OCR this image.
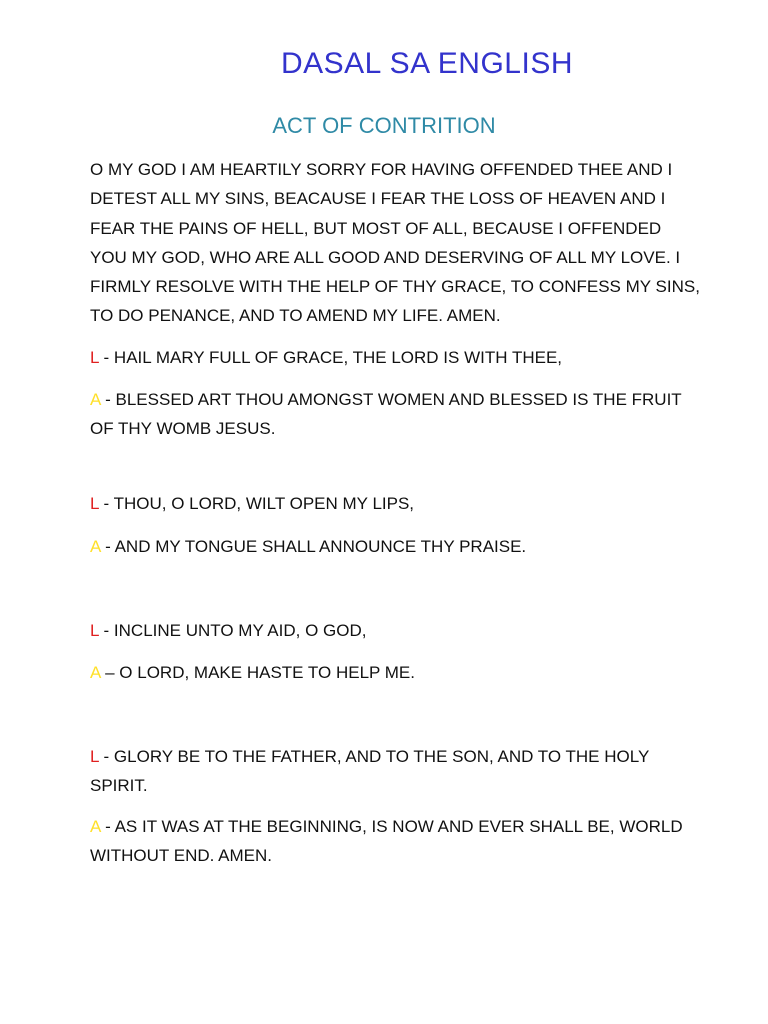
DASAL SA ENGLISH
ACT OF CONTRITION
O MY GOD I AM HEARTILY SORRY FOR HAVING OFFENDED THEE AND I
DETEST ALL MY SINS, BEACAUSE I FEAR THE LOSS OF HEAVEN AND I
FEAR THE PAINS OF HELL, BUT MOST OF ALL, BECAUSE I OFFENDED
YOU MY GOD, WHO ARE ALL GOOD AND DESERVING OF ALL MY LOVE. I
FIRMLY RESOLVE WITH THE HELP OF THY GRACE, TO CONFESS MY SINS,
TO DO PENANCE, AND TO AMEND MY LIFE. AMEN.
L - HAIL MARY FULL OF GRACE, THE LORD IS WITH THEE,
A - BLESSED ART THOU AMONGST WOMEN AND BLESSED IS THE FRUIT
OF THY WOMB JESUS.
L - THOU, O LORD, WILT OPEN MY LIPS,
A - AND MY TONGUE SHALL ANNOUNCE THY PRAISE.
L - INCLINE UNTO MY AID, O GOD,
A – O LORD, MAKE HASTE TO HELP ME.
L - GLORY BE TO THE FATHER, AND TO THE SON, AND TO THE HOLY
SPIRIT.
A - AS IT WAS AT THE BEGINNING, IS NOW AND EVER SHALL BE, WORLD
WITHOUT END. AMEN.
